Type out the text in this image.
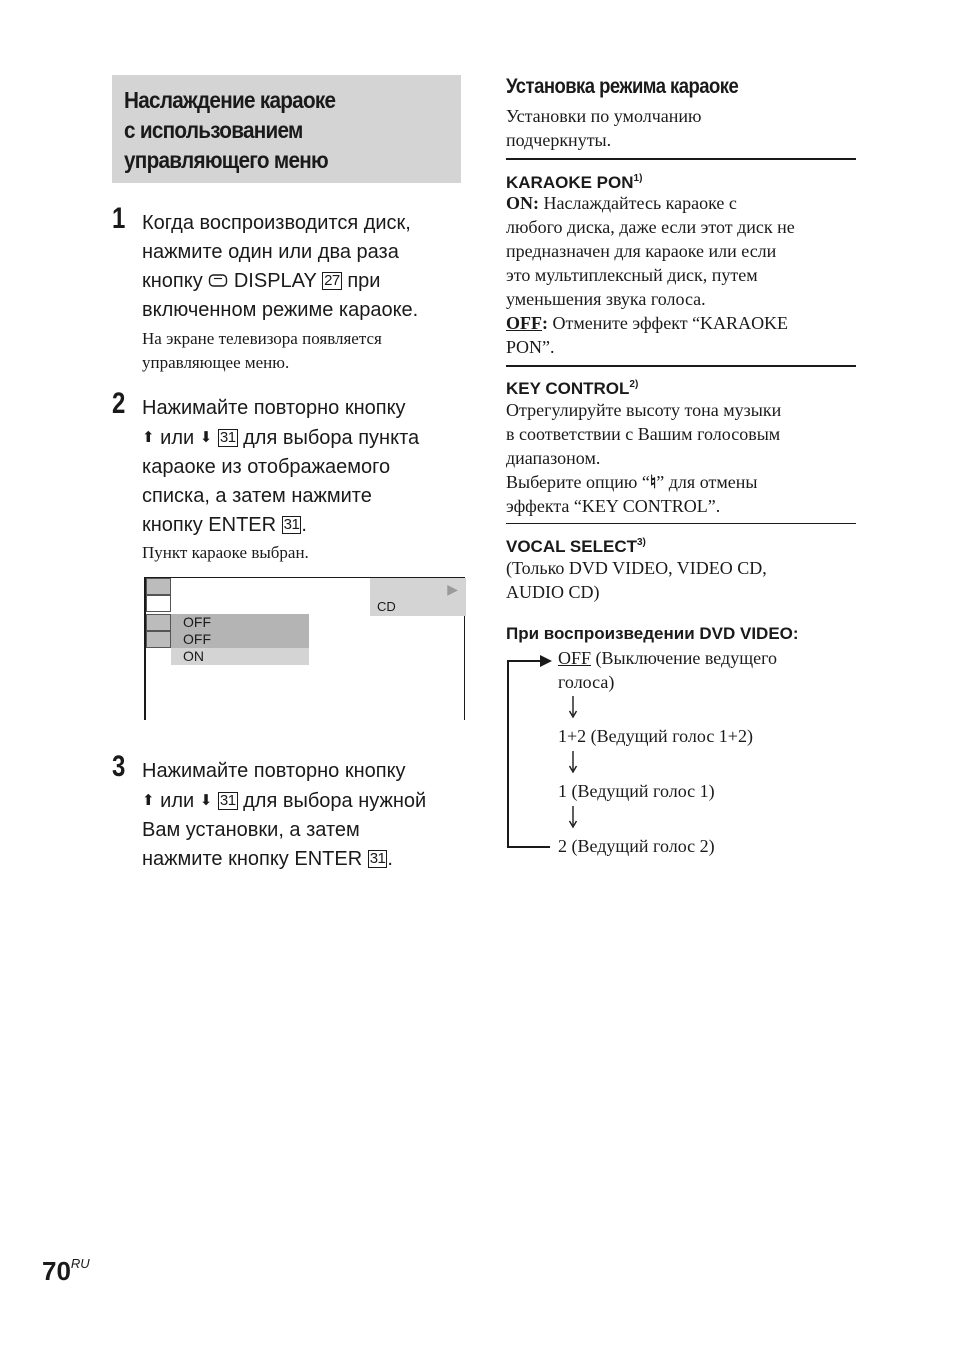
Наслаждение караоке
с использованием
управляющего меню
1 Когда воспроизводится диск,
нажмите один или два раза
кнопку DISPLAY 27 при
включенном режиме караоке.
На экране телевизора появляется
управляющее меню.
2 Нажимайте повторно кнопку
⬆ или ⬇ 31 для выбора пункта
караоке из отображаемого
списка, а затем нажмите
кнопку ENTER 31 .
Пункт караоке выбран.
OFF
OFF
ON
▶
CD
3 Нажимайте повторно кнопку
⬆ или ⬇ 31 для выбора нужной
Вам установки, а затем
нажмите кнопку ENTER 31 .
Установка режима караоке
Установки по умолчанию
подчеркнуты.
KARAOKE PON$^{1)}$
ON: Наслаждайтесь караоке с
любого диска, даже если этот диск не
предназначен для караоке или если
это мультиплексный диск, путем
уменьшения звука голоса.
OFF: Отмените эффект “KARAOKE
PON”.
KEY CONTROL$^{2)}$
Отрегулируйте высоту тона музыки
в соответствии с Вашим голосовым
диапазоном.
Выберите опцию “♮” для отмены
эффекта “KEY CONTROL”.
VOCAL SELECT$^{3)}$
(Только DVD VIDEO, VIDEO CD,
AUDIO CD)
При воспроизведении DVD VIDEO:
OFF (Выключение ведущего
голоса)
1+2 (Ведущий голос 1+2)
1 (Ведущий голос 1)
2 (Ведущий голос 2)
$70^{RU}$
